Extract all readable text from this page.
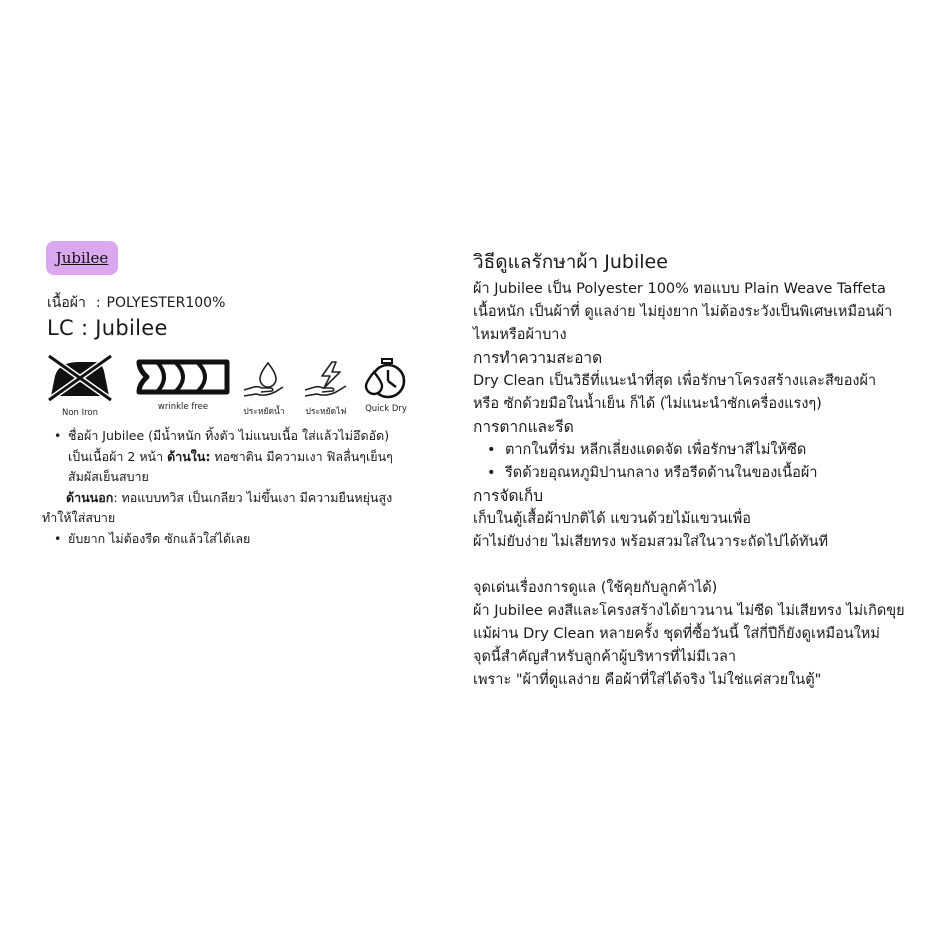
Jubilee
เนื้อผ้า : POLYESTER100%
LC : Jubilee
Non Iron
wrinkle free	ประหยัดน้ำ	ประหยัดไฟ	Quick Dry
• ชื่อผ้า Jubilee (มีน้ำหนัก ทิ้งตัว ไม่แนบเนื้อ ใส่แล้วไม่อึดอัด)
เป็นเนื้อผ้า 2 หน้า ด้านใน: ทอซาติน มีความเงา ฟิลลื่นๆเย็นๆ
สัมผัสเย็นสบาย
ด้านนอก: ทอแบบทวิส เป็นเกลียว ไม่ขึ้นเงา มีความยืนหยุ่นสูง
ทำให้ใส่สบาย
• ยับยาก ไม่ต้องรีด ซักแล้วใส่ได้เลย
วิธีดูแลรักษาผ้า Jubilee
ผ้า Jubilee เป็น Polyester 100% ทอแบบ Plain Weave Taffeta
เนื้อหนัก เป็นผ้าที่ ดูแลง่าย ไม่ยุ่งยาก ไม่ต้องระวังเป็นพิเศษเหมือนผ้า
ไหมหรือผ้าบาง
การทำความสะอาด
Dry Clean เป็นวิธีที่แนะนำที่สุด เพื่อรักษาโครงสร้างและสีของผ้า
หรือ ซักด้วยมือในน้ำเย็น ก็ได้ (ไม่แนะนำซักเครื่องแรงๆ)
การตากและรีด
• ตากในที่ร่ม หลีกเลี่ยงแดดจัด เพื่อรักษาสีไม่ให้ซีด
• รีดด้วยอุณหภูมิปานกลาง หรือรีดด้านในของเนื้อผ้า
การจัดเก็บ
เก็บในตู้เสื้อผ้าปกติได้ แขวนด้วยไม้แขวนเพื่อ
ผ้าไม่ยับง่าย ไม่เสียทรง พร้อมสวมใส่ในวาระถัดไปได้ทันที
จุดเด่นเรื่องการดูแล (ใช้คุยกับลูกค้าได้)
ผ้า Jubilee คงสีและโครงสร้างได้ยาวนาน ไม่ซีด ไม่เสียทรง ไม่เกิดขุย
แม้ผ่าน Dry Clean หลายครั้ง ชุดที่ซื้อวันนี้ ใส่กี่ปีก็ยังดูเหมือนใหม่
จุดนี้สำคัญสำหรับลูกค้าผู้บริหารที่ไม่มีเวลา
เพราะ "ผ้าที่ดูแลง่าย คือผ้าที่ใส่ได้จริง ไม่ใช่แค่สวยในตู้"
